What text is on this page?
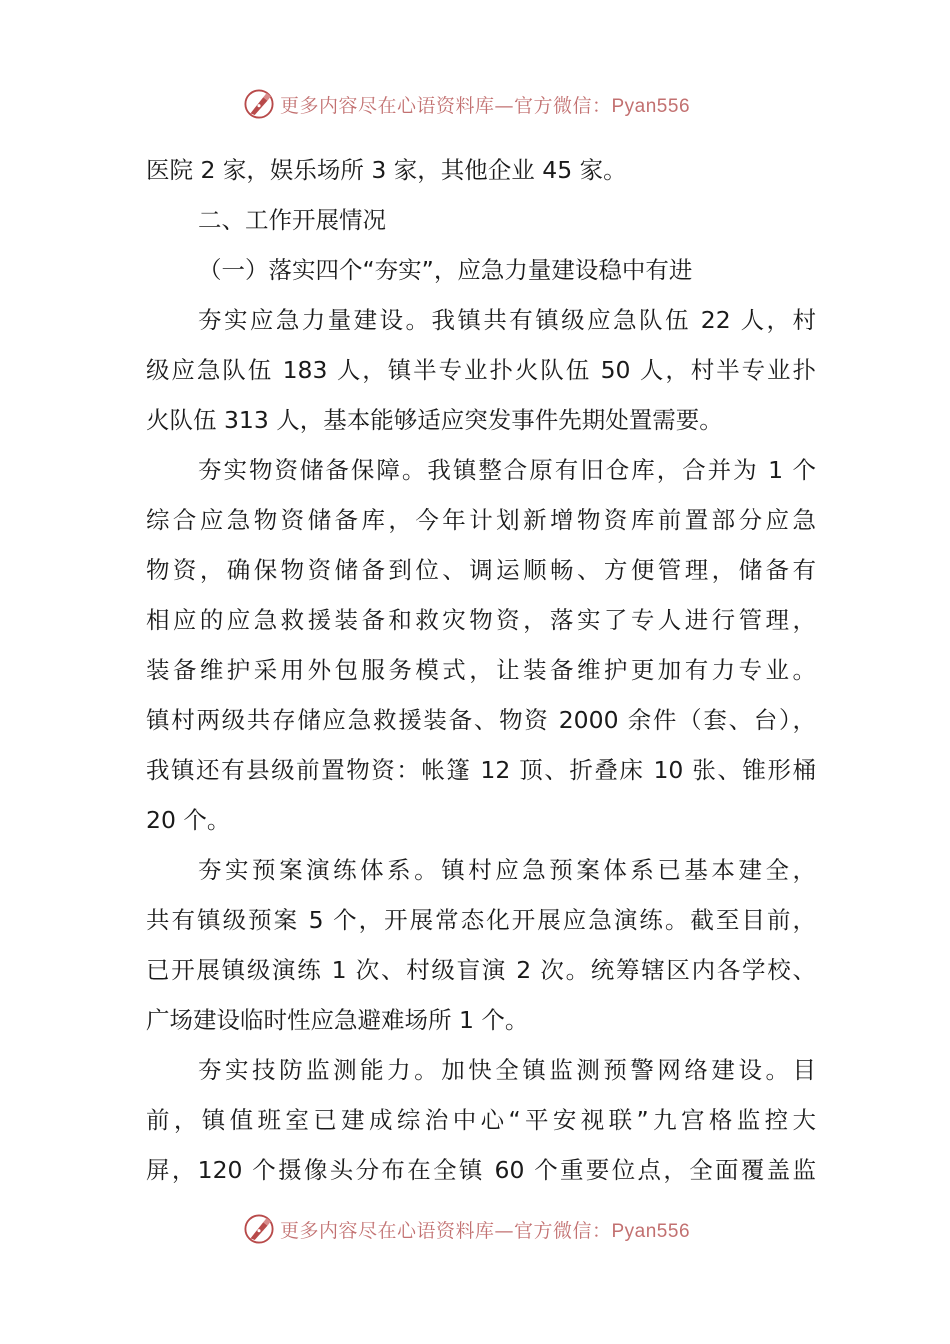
更多内容尽在心语资料库—官方微信：Pyan556
医院 2 家，娱乐场所 3 家，其他企业 45 家。
二、工作开展情况
（一）落实四个“夯实”，应急力量建设稳中有进
夯实应急力量建设。我镇共有镇级应急队伍 22 人，村
级应急队伍 183 人，镇半专业扑火队伍 50 人，村半专业扑
火队伍 313 人，基本能够适应突发事件先期处置需要。
夯实物资储备保障。我镇整合原有旧仓库，合并为 1 个
综合应急物资储备库，今年计划新增物资库前置部分应急
物资，确保物资储备到位、调运顺畅、方便管理，储备有
相应的应急救援装备和救灾物资，落实了专人进行管理，
装备维护采用外包服务模式，让装备维护更加有力专业。
镇村两级共存储应急救援装备、物资 2000 余件（套、台），
我镇还有县级前置物资：帐篷 12 顶、折叠床 10 张、锥形桶
20 个。
夯实预案演练体系。镇村应急预案体系已基本建全，
共有镇级预案 5 个，开展常态化开展应急演练。截至目前，
已开展镇级演练 1 次、村级盲演 2 次。统筹辖区内各学校、
广场建设临时性应急避难场所 1 个。
夯实技防监测能力。加快全镇监测预警网络建设。目
前，镇值班室已建成综治中心“平安视联”九宫格监控大
屏，120 个摄像头分布在全镇 60 个重要位点，全面覆盖监
更多内容尽在心语资料库—官方微信：Pyan556
